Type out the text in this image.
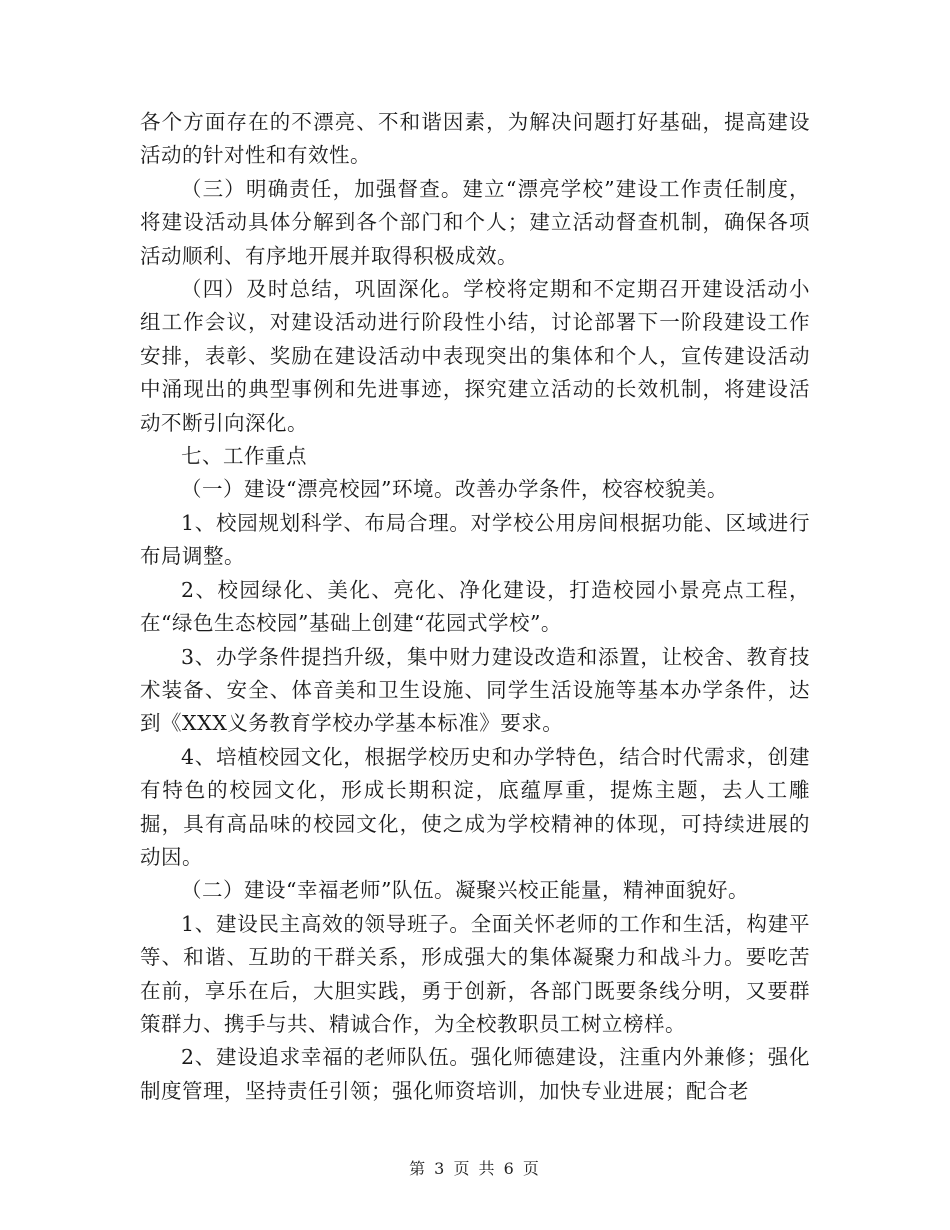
各个方面存在的不漂亮、不和谐因素，为解决问题打好基础，提高建设活动的针对性和有效性。

（三）明确责任，加强督查。建立“漂亮学校”建设工作责任制度，将建设活动具体分解到各个部门和个人；建立活动督查机制，确保各项活动顺利、有序地开展并取得积极成效。

（四）及时总结，巩固深化。学校将定期和不定期召开建设活动小组工作会议，对建设活动进行阶段性小结，讨论部署下一阶段建设工作安排，表彰、奖励在建设活动中表现突出的集体和个人，宣传建设活动中涌现出的典型事例和先进事迹，探究建立活动的长效机制，将建设活动不断引向深化。

七、工作重点

（一）建设“漂亮校园”环境。改善办学条件，校容校貌美。

1、校园规划科学、布局合理。对学校公用房间根据功能、区域进行布局调整。

2、校园绿化、美化、亮化、净化建设，打造校园小景亮点工程，在“绿色生态校园”基础上创建“花园式学校”。

3、办学条件提挡升级，集中财力建设改造和添置，让校舍、教育技术装备、安全、体音美和卫生设施、同学生活设施等基本办学条件，达到《XXX义务教育学校办学基本标准》要求。

4、培植校园文化，根据学校历史和办学特色，结合时代需求，创建有特色的校园文化，形成长期积淀，底蕴厚重，提炼主题，去人工雕掘，具有高品味的校园文化，使之成为学校精神的体现，可持续进展的动因。

（二）建设“幸福老师”队伍。凝聚兴校正能量，精神面貌好。

1、建设民主高效的领导班子。全面关怀老师的工作和生活，构建平等、和谐、互助的干群关系，形成强大的集体凝聚力和战斗力。要吃苦在前，享乐在后，大胆实践，勇于创新，各部门既要条线分明，又要群策群力、携手与共、精诚合作，为全校教职员工树立榜样。

2、建设追求幸福的老师队伍。强化师德建设，注重内外兼修；强化制度管理，坚持责任引领；强化师资培训，加快专业进展；配合老

第 3 页 共 6 页
